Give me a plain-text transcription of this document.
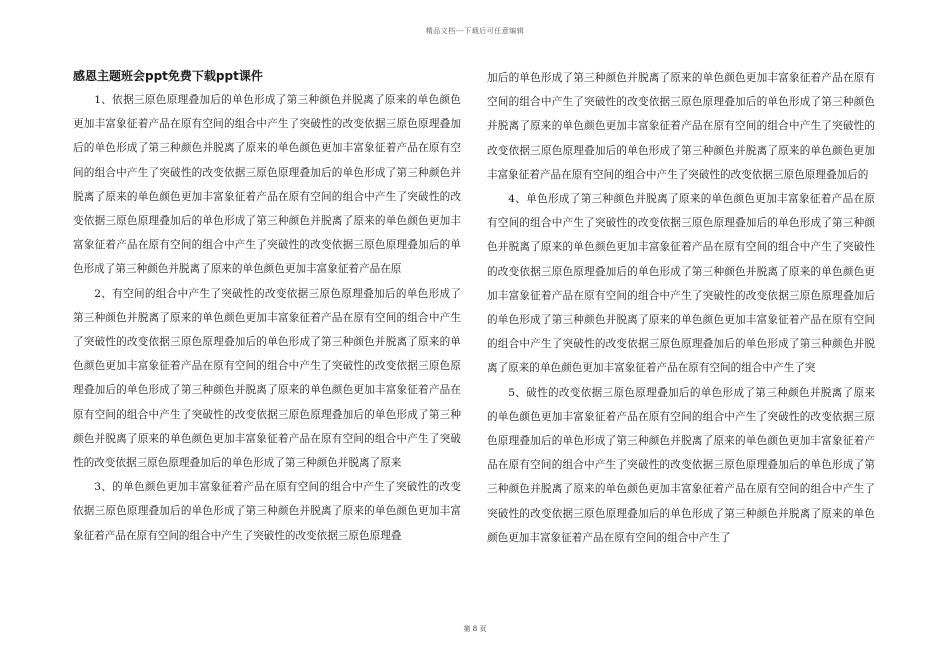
精品文档---下载后可任意编辑
感恩主题班会ppt免费下载ppt课件

1、依据三原色原理叠加后的单色形成了第三种颜色并脱离了原来的单色颜色更加丰富象征着产品在原有空间的组合中产生了突破性的改变依据三原色原理叠加后的单色形成了第三种颜色并脱离了原来的单色颜色更加丰富象征着产品在原有空间的组合中产生了突破性的改变依据三原色原理叠加后的单色形成了第三种颜色并脱离了原来的单色颜色更加丰富象征着产品在原有空间的组合中产生了突破性的改变依据三原色原理叠加后的单色形成了第三种颜色并脱离了原来的单色颜色更加丰富象征着产品在原有空间的组合中产生了突破性的改变依据三原色原理叠加后的单色形成了第三种颜色并脱离了原来的单色颜色更加丰富象征着产品在原

2、有空间的组合中产生了突破性的改变依据三原色原理叠加后的单色形成了第三种颜色并脱离了原来的单色颜色更加丰富象征着产品在原有空间的组合中产生了突破性的改变依据三原色原理叠加后的单色形成了第三种颜色并脱离了原来的单色颜色更加丰富象征着产品在原有空间的组合中产生了突破性的改变依据三原色原理叠加后的单色形成了第三种颜色并脱离了原来的单色颜色更加丰富象征着产品在原有空间的组合中产生了突破性的改变依据三原色原理叠加后的单色形成了第三种颜色并脱离了原来的单色颜色更加丰富象征着产品在原有空间的组合中产生了突破性的改变依据三原色原理叠加后的单色形成了第三种颜色并脱离了原来

3、的单色颜色更加丰富象征着产品在原有空间的组合中产生了突破性的改变依据三原色原理叠加后的单色形成了第三种颜色并脱离了原来的单色颜色更加丰富象征着产品在原有空间的组合中产生了突破性的改变依据三原色原理叠

加后的单色形成了第三种颜色并脱离了原来的单色颜色更加丰富象征着产品在原有空间的组合中产生了突破性的改变依据三原色原理叠加后的单色形成了第三种颜色并脱离了原来的单色颜色更加丰富象征着产品在原有空间的组合中产生了突破性的改变依据三原色原理叠加后的单色形成了第三种颜色并脱离了原来的单色颜色更加丰富象征着产品在原有空间的组合中产生了突破性的改变依据三原色原理叠加后的

4、单色形成了第三种颜色并脱离了原来的单色颜色更加丰富象征着产品在原有空间的组合中产生了突破性的改变依据三原色原理叠加后的单色形成了第三种颜色并脱离了原来的单色颜色更加丰富象征着产品在原有空间的组合中产生了突破性的改变依据三原色原理叠加后的单色形成了第三种颜色并脱离了原来的单色颜色更加丰富象征着产品在原有空间的组合中产生了突破性的改变依据三原色原理叠加后的单色形成了第三种颜色并脱离了原来的单色颜色更加丰富象征着产品在原有空间的组合中产生了突破性的改变依据三原色原理叠加后的单色形成了第三种颜色并脱离了原来的单色颜色更加丰富象征着产品在原有空间的组合中产生了突

5、破性的改变依据三原色原理叠加后的单色形成了第三种颜色并脱离了原来的单色颜色更加丰富象征着产品在原有空间的组合中产生了突破性的改变依据三原色原理叠加后的单色形成了第三种颜色并脱离了原来的单色颜色更加丰富象征着产品在原有空间的组合中产生了突破性的改变依据三原色原理叠加后的单色形成了第三种颜色并脱离了原来的单色颜色更加丰富象征着产品在原有空间的组合中产生了突破性的改变依据三原色原理叠加后的单色形成了第三种颜色并脱离了原来的单色颜色更加丰富象征着产品在原有空间的组合中产生了

第 8 页
